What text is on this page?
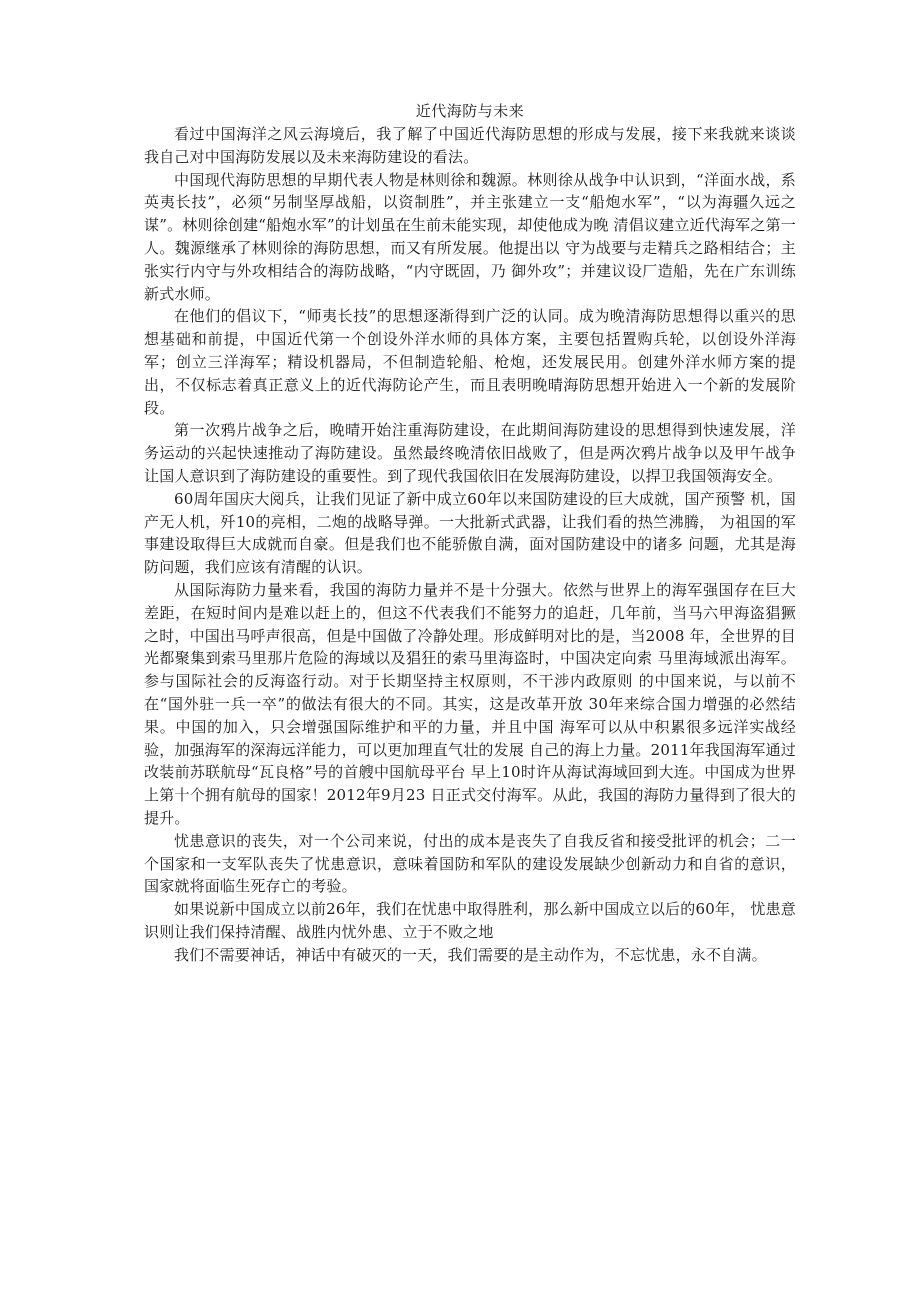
近代海防与未来

看过中国海洋之风云海境后，我了解了中国近代海防思想的形成与发展，接下来我就来谈谈我自己对中国海防发展以及未来海防建设的看法。

中国现代海防思想的早期代表人物是林则徐和魏源。林则徐从战争中认识到，“洋面水战，系英夷长技”，必须“另制坚厚战船，以资制胜”，并主张建立一支“船炮水军”，“以为海疆久远之谋”。林则徐创建“船炮水军”的计划虽在生前未能实现，却使他成为晚 清倡议建立近代海军之第一人。魏源继承了林则徐的海防思想，而又有所发展。他提出以 守为战要与走精兵之路相结合；主张实行内守与外攻相结合的海防战略，“内守既固，乃 御外攻”；并建议设厂造船，先在广东训练新式水师。

在他们的倡议下，“师夷长技”的思想逐渐得到广泛的认同。成为晚清海防思想得以重兴的思想基础和前提，中国近代第一个创设外洋水师的具体方案，主要包括置购兵轮，以创设外洋海军；创立三洋海军；精设机器局，不但制造轮船、枪炮，还发展民用。创建外洋水师方案的提出，不仅标志着真正意义上的近代海防论产生，而且表明晚晴海防思想开始进入一个新的发展阶段。

第一次鸦片战争之后，晚晴开始注重海防建设，在此期间海防建设的思想得到快速发展，洋务运动的兴起快速推动了海防建设。虽然最终晚清依旧战败了，但是两次鸦片战争以及甲午战争让国人意识到了海防建设的重要性。到了现代我国依旧在发展海防建设，以捍卫我国领海安全。

60周年国庆大阅兵，让我们见证了新中成立60年以来国防建设的巨大成就，国产预警 机，国产无人机，歼10的亮相，二炮的战略导弹。一大批新式武器，让我们看的热竺沸腾， 为祖国的军事建设取得巨大成就而自豪。但是我们也不能骄傲自满，面对国防建设中的诸多 问题，尤其是海防问题，我们应该有清醒的认识。

从国际海防力量来看，我国的海防力量并不是十分强大。依然与世界上的海军强国存在巨大差距，在短时间内是难以赶上的，但这不代表我们不能努力的追赶，几年前，当马六甲海盗猖獗之时，中国出马呼声很高，但是中国做了冷静处理。形成鲜明对比的是，当2008 年，全世界的目光都聚集到索马里那片危险的海域以及猖狂的索马里海盗时，中国决定向索 马里海域派出海军。参与国际社会的反海盗行动。对于长期坚持主权原则，不干涉内政原则 的中国来说，与以前不在“国外驻一兵一卒”的做法有很大的不同。其实，这是改革开放 30年来综合国力增强的必然结果。中国的加入，只会增强国际维护和平的力量，并且中国 海军可以从中积累很多远洋实战经验，加强海军的深海远洋能力，可以更加理直气壮的发展 自己的海上力量。2011年我国海军通过改装前苏联航母“瓦良格”号的首艘中国航母平台 早上10时许从海试海域回到大连。中国成为世界上第十个拥有航母的国家！2012年9月23 日正式交付海军。从此，我国的海防力量得到了很大的提升。

忧患意识的丧失，对一个公司来说，付出的成本是丧失了自我反省和接受批评的机会；二一个国家和一支军队丧失了忧患意识，意味着国防和军队的建设发展缺少创新动力和自省的意识，国家就将面临生死存亡的考验。

如果说新中国成立以前26年，我们在忧患中取得胜利，那么新中国成立以后的60年， 忧患意识则让我们保持清醒、战胜内忧外患、立于不败之地

我们不需要神话，神话中有破灭的一天，我们需要的是主动作为，不忘忧患，永不自满。
